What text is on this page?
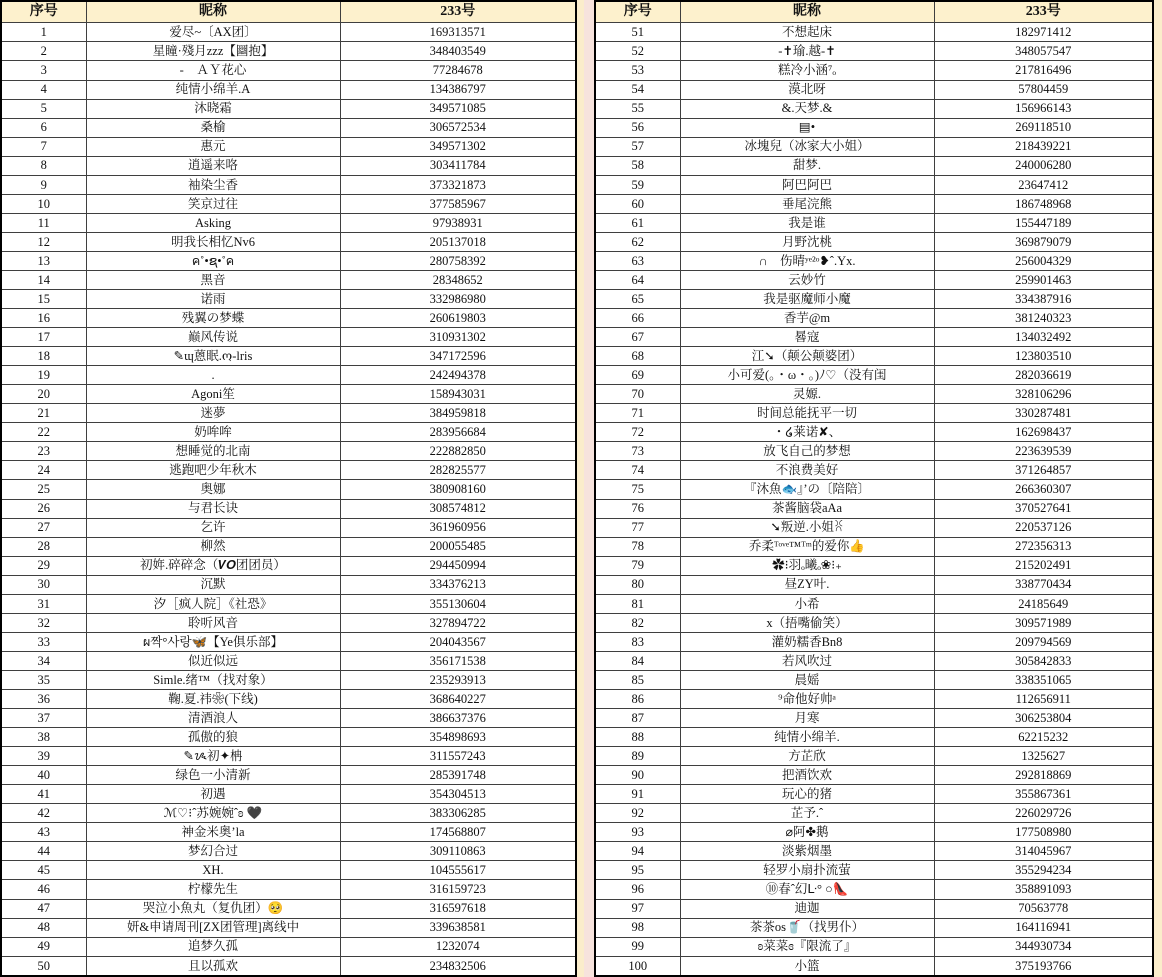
序号	昵称	233号
1	爱尽~〔AX团〕	169313571
2	星瞳·殘月zzz【圝抱】	348403549
3	-　ＡＹ花心	77284678
4	纯情小绵羊.A	134386797
5	沐晓霜	349571085
6	桑榆	306572534
7	惠元	349571302
8	逍遥来咯	303411784
9	袖染尘香	373321873
10	笑京过往	377585967
11	Asking	97938931
12	明我长相忆Nv6	205137018
13	ค˚•ຊ•˚ค	280758392
14	黑音	28348652
15	诺雨	332986980
16	残翼の梦蝶	260619803
17	巅风传说	310931302
18	✎ɰ蒽眠.ო-lris	347172596
19	.	242494378
20	Agoni笙	158943031
21	迷夢	384959818
22	奶哞哞	283956684
23	想睡觉的北南	222882850
24	逃跑吧少年秋木	282825577
25	奥娜	380908160
26	与君长诀	308574812
27	乞许	361960956
28	柳然	200055485
29	初姩.碎碎念（𝑽𝑶团团员）	294450994
30	沉默	334376213
31	汐［疯人院］《社恐》	355130604
32	聆听风音	327894722
33	ผ짝°사랑🦋【Ye俱乐部】	204043567
34	似近似远	356171538
35	Simle.绪™（找对象）	235293913
36	鞠.夏.祎❀(下线)	368640227
37	清酒浪人	386637376
38	孤傲的狼	354898693
39	✎ᝰ初✦柟	311557243
40	绿色一小清新	285391748
41	初遇	354304513
42	ℳ♡⁝ˆ苏婉婉ˆʚ 🖤	383306285
43	神金米奥’la	174568807
44	梦幻合过	309110863
45	XH.	104555617
46	柠檬先生	316159723
47	哭泣小魚丸（复仇团）🥺	316597618
48	妍&申请周刊[ZX团管理]离线中	339638581
49	追梦久孤	1232074
50	且以孤欢	234832506
序号	昵称	233号
51	不想起床	182971412
52	-✝瑜.越-✝	348057547
53	糕冷小涵⁷ₒ	217816496
54	漠北呀	57804459
55	&.天梦.&	156966143
56	▤•	269118510
57	冰塊兒（冰家大小姐）	218439221
58	甜梦.	240006280
59	阿巴阿巴	23647412
60	垂尾浣熊	186748968
61	我是谁	155447189
62	月野沈桃	369879079
63	∩　伤晴ʸᵉ²ᵒ❥ˆ.Yx.	256004329
64	云妙竹	259901463
65	我是驱魔师小魔	334387916
66	香芋@m	381240323
67	晷寇	134032492
68	江➘（颠公颠婆团）	123803510
69	小可爱(。・ω・。)ﾉ♡（没有闺	282036619
70	灵嫄.	328106296
71	时间总能抚平一切	330287481
72	・໒莱诺✘、	162698437
73	放飞自己的梦想	223639539
74	不浪费美好	371264857
75	『沐魚🐟』’の〔陪陪〕	266360307
76	茶酱脑袋aAa	370527641
77	➘叛逆.小姐ꐦ	220537126
78	乔柔ᵀᵒᵛᵉ™ᵀᵐ的爱你👍	272356313
79	✿⁝羽ₒ曦ₒ❀⁝₊	215202491
80	昼ZY叶.	338770434
81	小希	24185649
82	x（捂嘴偷笑）	309571989
83	灌奶糯香Bn8	209794569
84	若风吹过	305842833
85	晨媱	338351065
86	⁹命他好帅ᵃ	112656911
87	月寒	306253804
88	纯情小绵羊.	62215232
89	方芷欣	1325627
90	把酒饮欢	292818869
91	玩心的猪	355867361
92	芷予.ˆ	226029726
93	⌀阿✤鹅	177508980
94	淡紫烟墨	314045967
95	轻罗小扇扑流萤	355294234
96	⑩春ˆ幻ᒷ° ○👠	358891093
97	迪迦	70563778
98	茶茶os🥤（找男仆）	164116941
99	ʚ菜菜ɞ『限流了』	344930734
100	小篮	375193766
